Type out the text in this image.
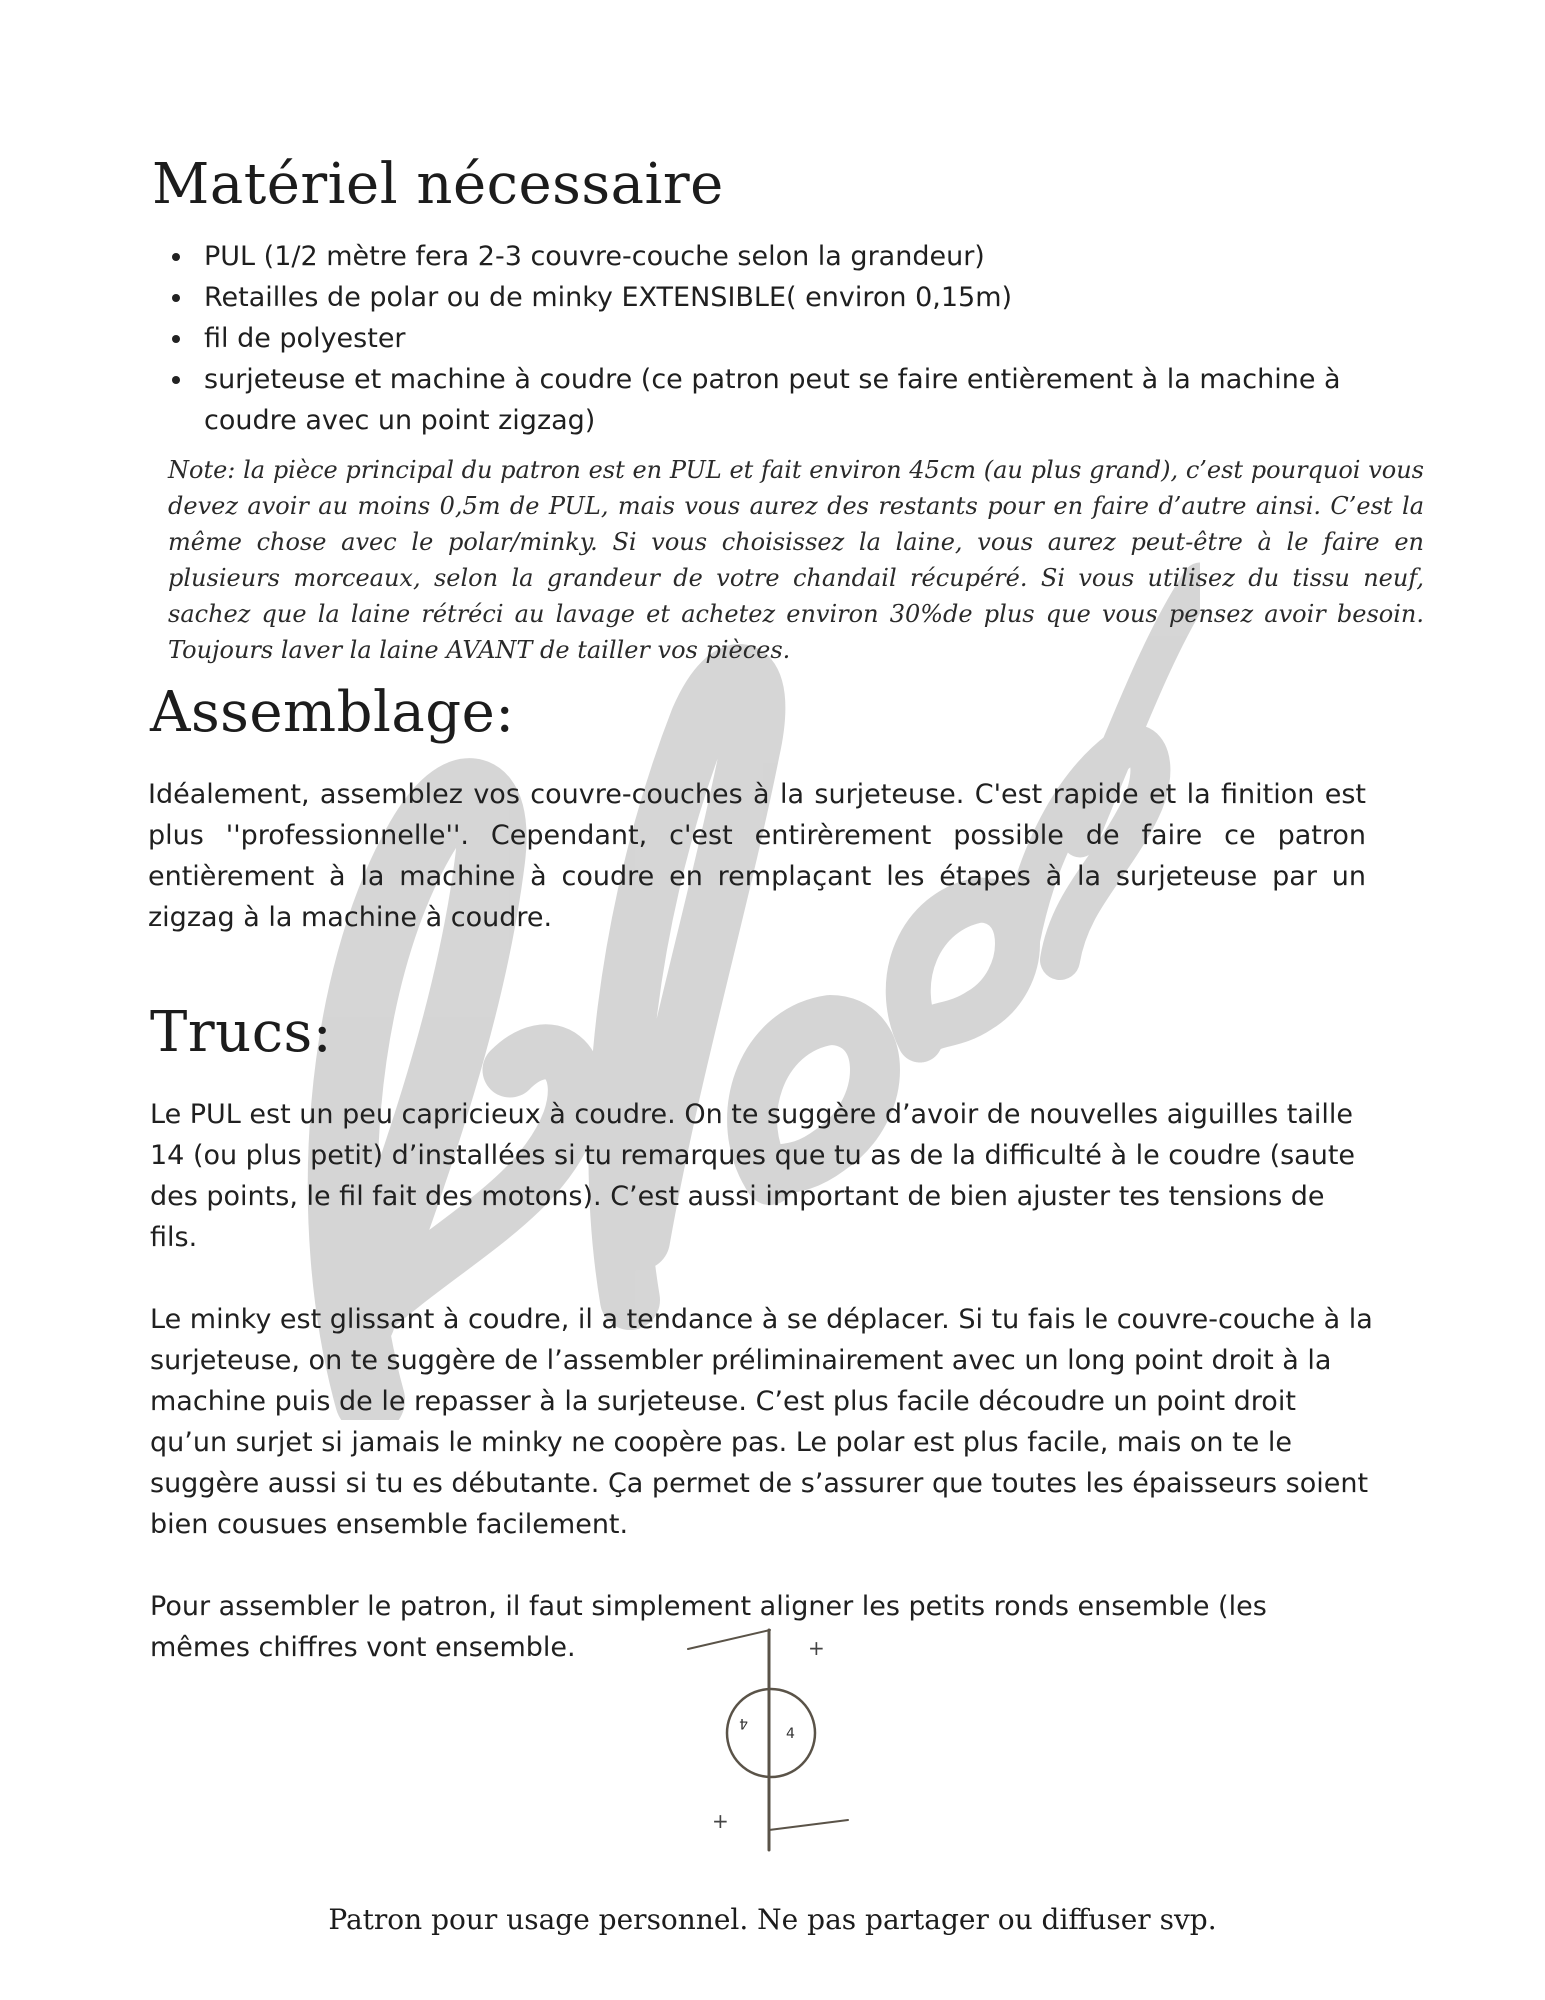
Matériel nécessaire
PUL (1/2 mètre fera 2-3 couvre-couche selon la grandeur)
Retailles de polar ou de minky EXTENSIBLE( environ 0,15m)
fil de polyester
surjeteuse et machine à coudre (ce patron peut se faire entièrement à la machine à coudre avec un point zigzag)

Note: la pièce principal du patron est en PUL et fait environ 45cm (au plus grand), c’est pourquoi vous devez avoir au moins 0,5m de PUL, mais vous aurez des restants pour en faire d’autre ainsi. C’est la même chose avec le polar/minky. Si vous choisissez la laine, vous aurez peut-être à le faire en plusieurs morceaux, selon la grandeur de votre chandail récupéré. Si vous utilisez du tissu neuf, sachez que la laine rétréci au lavage et achetez environ 30%de plus que vous pensez avoir besoin. Toujours laver la laine AVANT de tailler vos pièces.

Assemblage:

Idéalement, assemblez vos couvre-couches à la surjeteuse. C'est rapide et la finition est plus ''professionnelle''. Cependant, c'est entirèrement possible de faire ce patron entièrement à la machine à coudre en remplaçant les étapes à la surjeteuse par un zigzag à la machine à coudre.

Trucs:

Le PUL est un peu capricieux à coudre. On te suggère d’avoir de nouvelles aiguilles taille 14 (ou plus petit) d’installées si tu remarques que tu as de la difficulté à le coudre (saute des points, le fil fait des motons). C’est aussi important de bien ajuster tes tensions de fils.

Le minky est glissant à coudre, il a tendance à se déplacer. Si tu fais le couvre-couche à la surjeteuse, on te suggère de l’assembler préliminairement avec un long point droit à la machine puis de le repasser à la surjeteuse. C’est plus facile découdre un point droit qu’un surjet si jamais le minky ne coopère pas. Le polar est plus facile, mais on te le suggère aussi si tu es débutante. Ça permet de s’assurer que toutes les épaisseurs soient bien cousues ensemble facilement.

Pour assembler le patron, il faut simplement aligner les petits ronds ensemble (les mêmes chiffres vont ensemble.

4
4
+
+

Patron pour usage personnel. Ne pas partager ou diffuser svp.
